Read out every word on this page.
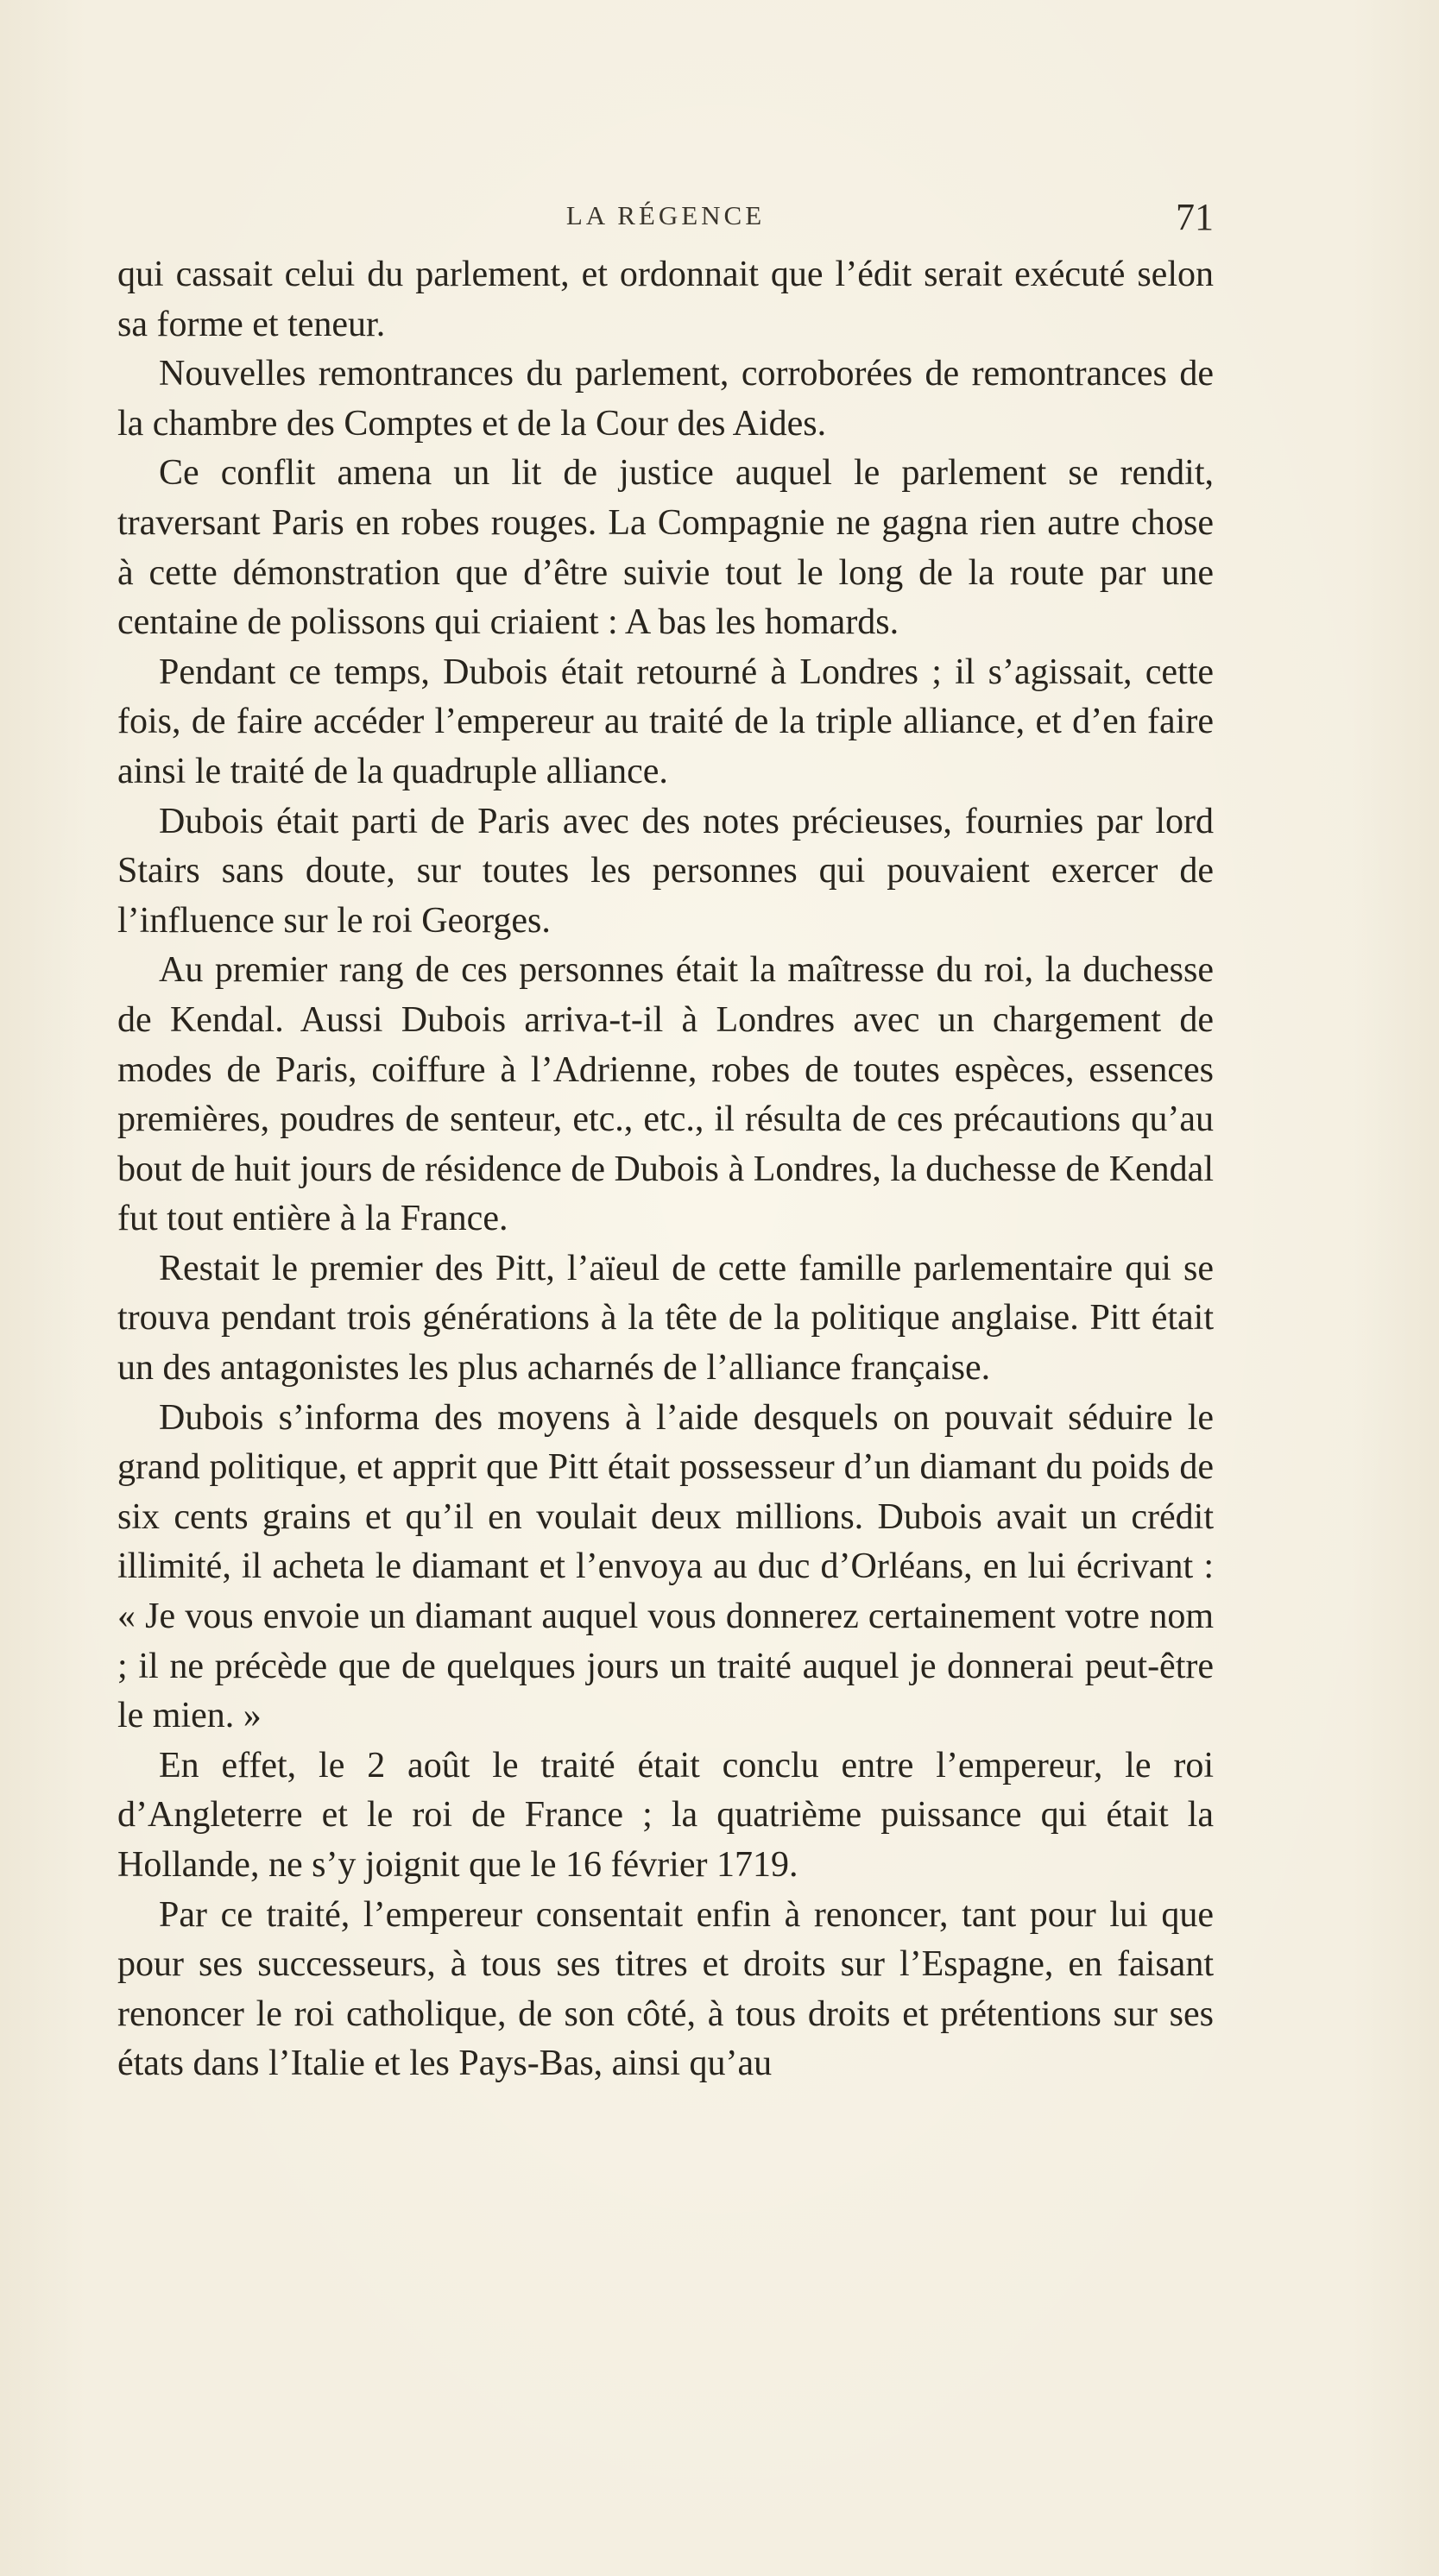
LA RÉGENCE	71

qui cassait celui du parlement, et ordonnait que l’édit serait exécuté selon sa forme et teneur.

Nouvelles remontrances du parlement, corroborées de remontrances de la chambre des Comptes et de la Cour des Aides.

Ce conflit amena un lit de justice auquel le parlement se rendit, traversant Paris en robes rouges. La Compagnie ne gagna rien autre chose à cette démonstration que d’être suivie tout le long de la route par une centaine de polissons qui criaient : A bas les homards.

Pendant ce temps, Dubois était retourné à Londres ; il s’agissait, cette fois, de faire accéder l’empereur au traité de la triple alliance, et d’en faire ainsi le traité de la quadruple alliance.

Dubois était parti de Paris avec des notes précieuses, fournies par lord Stairs sans doute, sur toutes les personnes qui pouvaient exercer de l’influence sur le roi Georges.

Au premier rang de ces personnes était la maîtresse du roi, la duchesse de Kendal. Aussi Dubois arriva-t-il à Londres avec un chargement de modes de Paris, coiffure à l’Adrienne, robes de toutes espèces, essences premières, poudres de senteur, etc., etc., il résulta de ces précautions qu’au bout de huit jours de résidence de Dubois à Londres, la duchesse de Kendal fut tout entière à la France.

Restait le premier des Pitt, l’aïeul de cette famille parlementaire qui se trouva pendant trois générations à la tête de la politique anglaise. Pitt était un des antagonistes les plus acharnés de l’alliance française.

Dubois s’informa des moyens à l’aide desquels on pouvait séduire le grand politique, et apprit que Pitt était possesseur d’un diamant du poids de six cents grains et qu’il en voulait deux millions. Dubois avait un crédit illimité, il acheta le diamant et l’envoya au duc d’Orléans, en lui écrivant : « Je vous envoie un diamant auquel vous donnerez certainement votre nom ; il ne précède que de quelques jours un traité auquel je donnerai peut-être le mien. »

En effet, le 2 août le traité était conclu entre l’empereur, le roi d’Angleterre et le roi de France ; la quatrième puissance qui était la Hollande, ne s’y joignit que le 16 février 1719.

Par ce traité, l’empereur consentait enfin à renoncer, tant pour lui que pour ses successeurs, à tous ses titres et droits sur l’Espagne, en faisant renoncer le roi catholique, de son côté, à tous droits et prétentions sur ses états dans l’Italie et les Pays-Bas, ainsi qu’au
